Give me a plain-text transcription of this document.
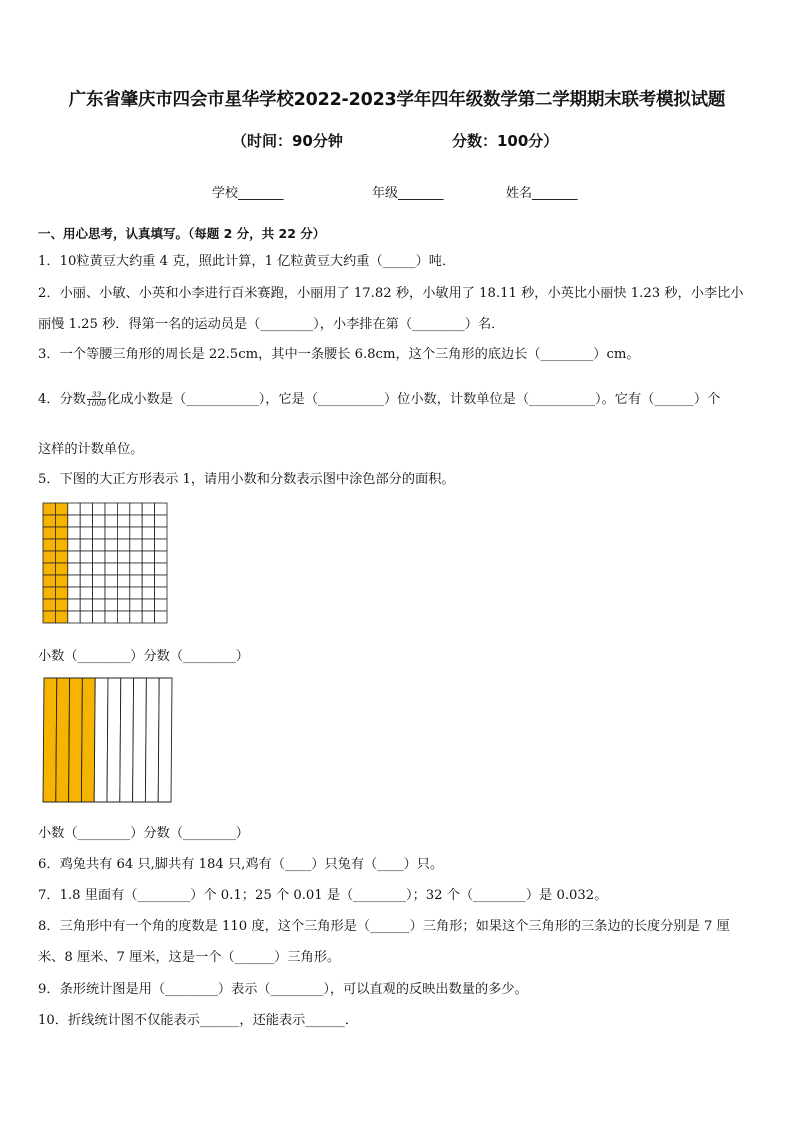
广东省肇庆市四会市星华学校2022-2023学年四年级数学第二学期期末联考模拟试题
（时间：90分钟	分数：100分）
学校_______	年级_______	姓名_______
一、用心思考，认真填写。（每题 2 分，共 22 分）
1．10粒黄豆大约重 4 克，照此计算，1 亿粒黄豆大约重（_____）吨．
2．小丽、小敏、小英和小李进行百米赛跑，小丽用了 17.82 秒，小敏用了 18.11 秒，小英比小丽快 1.23 秒，小李比小
丽慢 1.25 秒．得第一名的运动员是（________），小李排在第（________）名．
3．一个等腰三角形的周长是 22.5cm，其中一条腰长 6.8cm，这个三角形的底边长（________）cm。
4．分数 $\frac{33}{1000}$ 化成小数是（___________），它是（__________）位小数，计数单位是（__________）。它有（______）个
这样的计数单位。
5．下图的大正方形表示 1，请用小数和分数表示图中涂色部分的面积。
小数（________）分数（________）
小数（________）分数（________）
6．鸡兔共有 64 只,脚共有 184 只,鸡有（____）只兔有（____）只。
7．1.8 里面有（________）个 0.1；25 个 0.01 是（________）；32 个（________）是 0.032。
8．三角形中有一个角的度数是 110 度，这个三角形是（______）三角形；如果这个三角形的三条边的长度分别是 7 厘
米、8 厘米、7 厘米，这是一个（______）三角形。
9．条形统计图是用（________）表示（________），可以直观的反映出数量的多少。
10．折线统计图不仅能表示______，还能表示______．
